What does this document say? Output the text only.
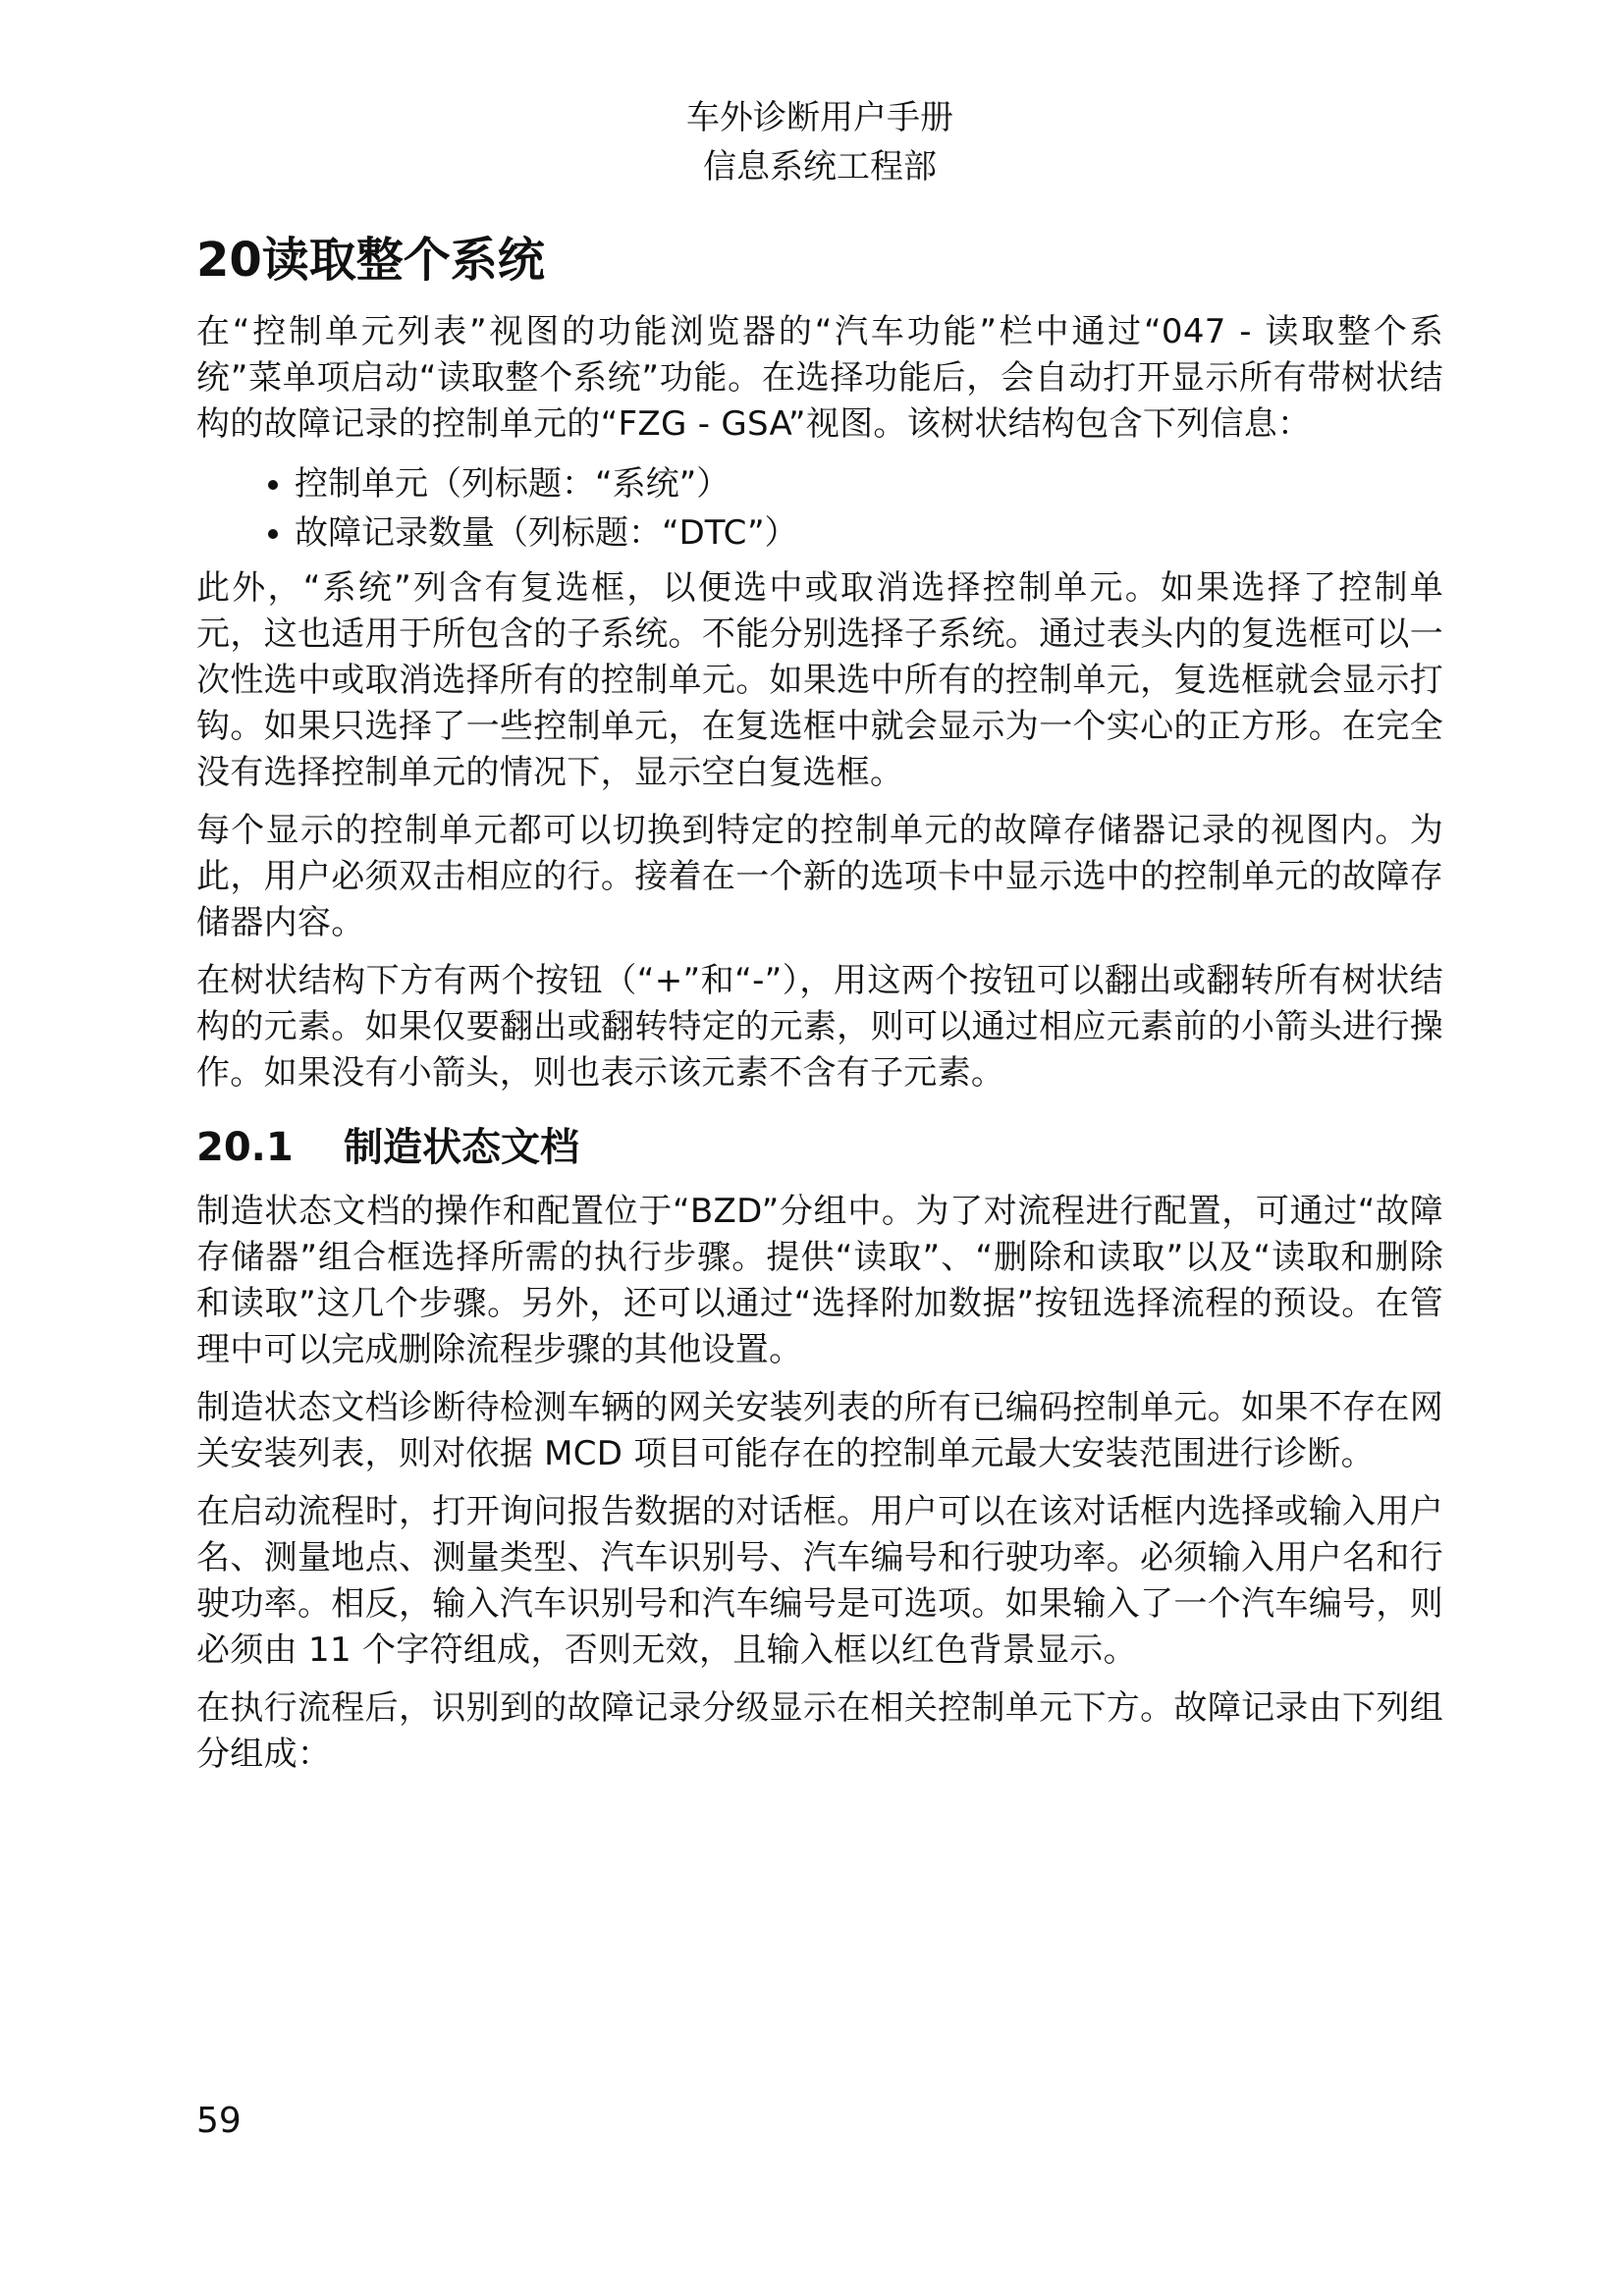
车外诊断用户手册
信息系统工程部
20读取整个系统

在“控制单元列表”视图的功能浏览器的“汽车功能”栏中通过“047 - 读取整个系统”菜单项启动“读取整个系统”功能。在选择功能后，会自动打开显示所有带树状结构的故障记录的控制单元的“FZG - GSA”视图。该树状结构包含下列信息：

• 控制单元（列标题：“系统”）
• 故障记录数量（列标题：“DTC”）

此外，“系统”列含有复选框，以便选中或取消选择控制单元。如果选择了控制单元，这也适用于所包含的子系统。不能分别选择子系统。通过表头内的复选框可以一次性选中或取消选择所有的控制单元。如果选中所有的控制单元，复选框就会显示打钩。如果只选择了一些控制单元，在复选框中就会显示为一个实心的正方形。在完全没有选择控制单元的情况下，显示空白复选框。

每个显示的控制单元都可以切换到特定的控制单元的故障存储器记录的视图内。为此，用户必须双击相应的行。接着在一个新的选项卡中显示选中的控制单元的故障存储器内容。

在树状结构下方有两个按钮（“+”和“-”），用这两个按钮可以翻出或翻转所有树状结构的元素。如果仅要翻出或翻转特定的元素，则可以通过相应元素前的小箭头进行操作。如果没有小箭头，则也表示该元素不含有子元素。

20.1 制造状态文档

制造状态文档的操作和配置位于“BZD”分组中。为了对流程进行配置，可通过“故障存储器”组合框选择所需的执行步骤。提供“读取”、“删除和读取”以及“读取和删除和读取”这几个步骤。另外，还可以通过“选择附加数据”按钮选择流程的预设。在管理中可以完成删除流程步骤的其他设置。

制造状态文档诊断待检测车辆的网关安装列表的所有已编码控制单元。如果不存在网关安装列表，则对依据 MCD 项目可能存在的控制单元最大安装范围进行诊断。

在启动流程时，打开询问报告数据的对话框。用户可以在该对话框内选择或输入用户名、测量地点、测量类型、汽车识别号、汽车编号和行驶功率。必须输入用户名和行驶功率。相反，输入汽车识别号和汽车编号是可选项。如果输入了一个汽车编号，则必须由 11 个字符组成，否则无效，且输入框以红色背景显示。

在执行流程后，识别到的故障记录分级显示在相关控制单元下方。故障记录由下列组分组成：

59
